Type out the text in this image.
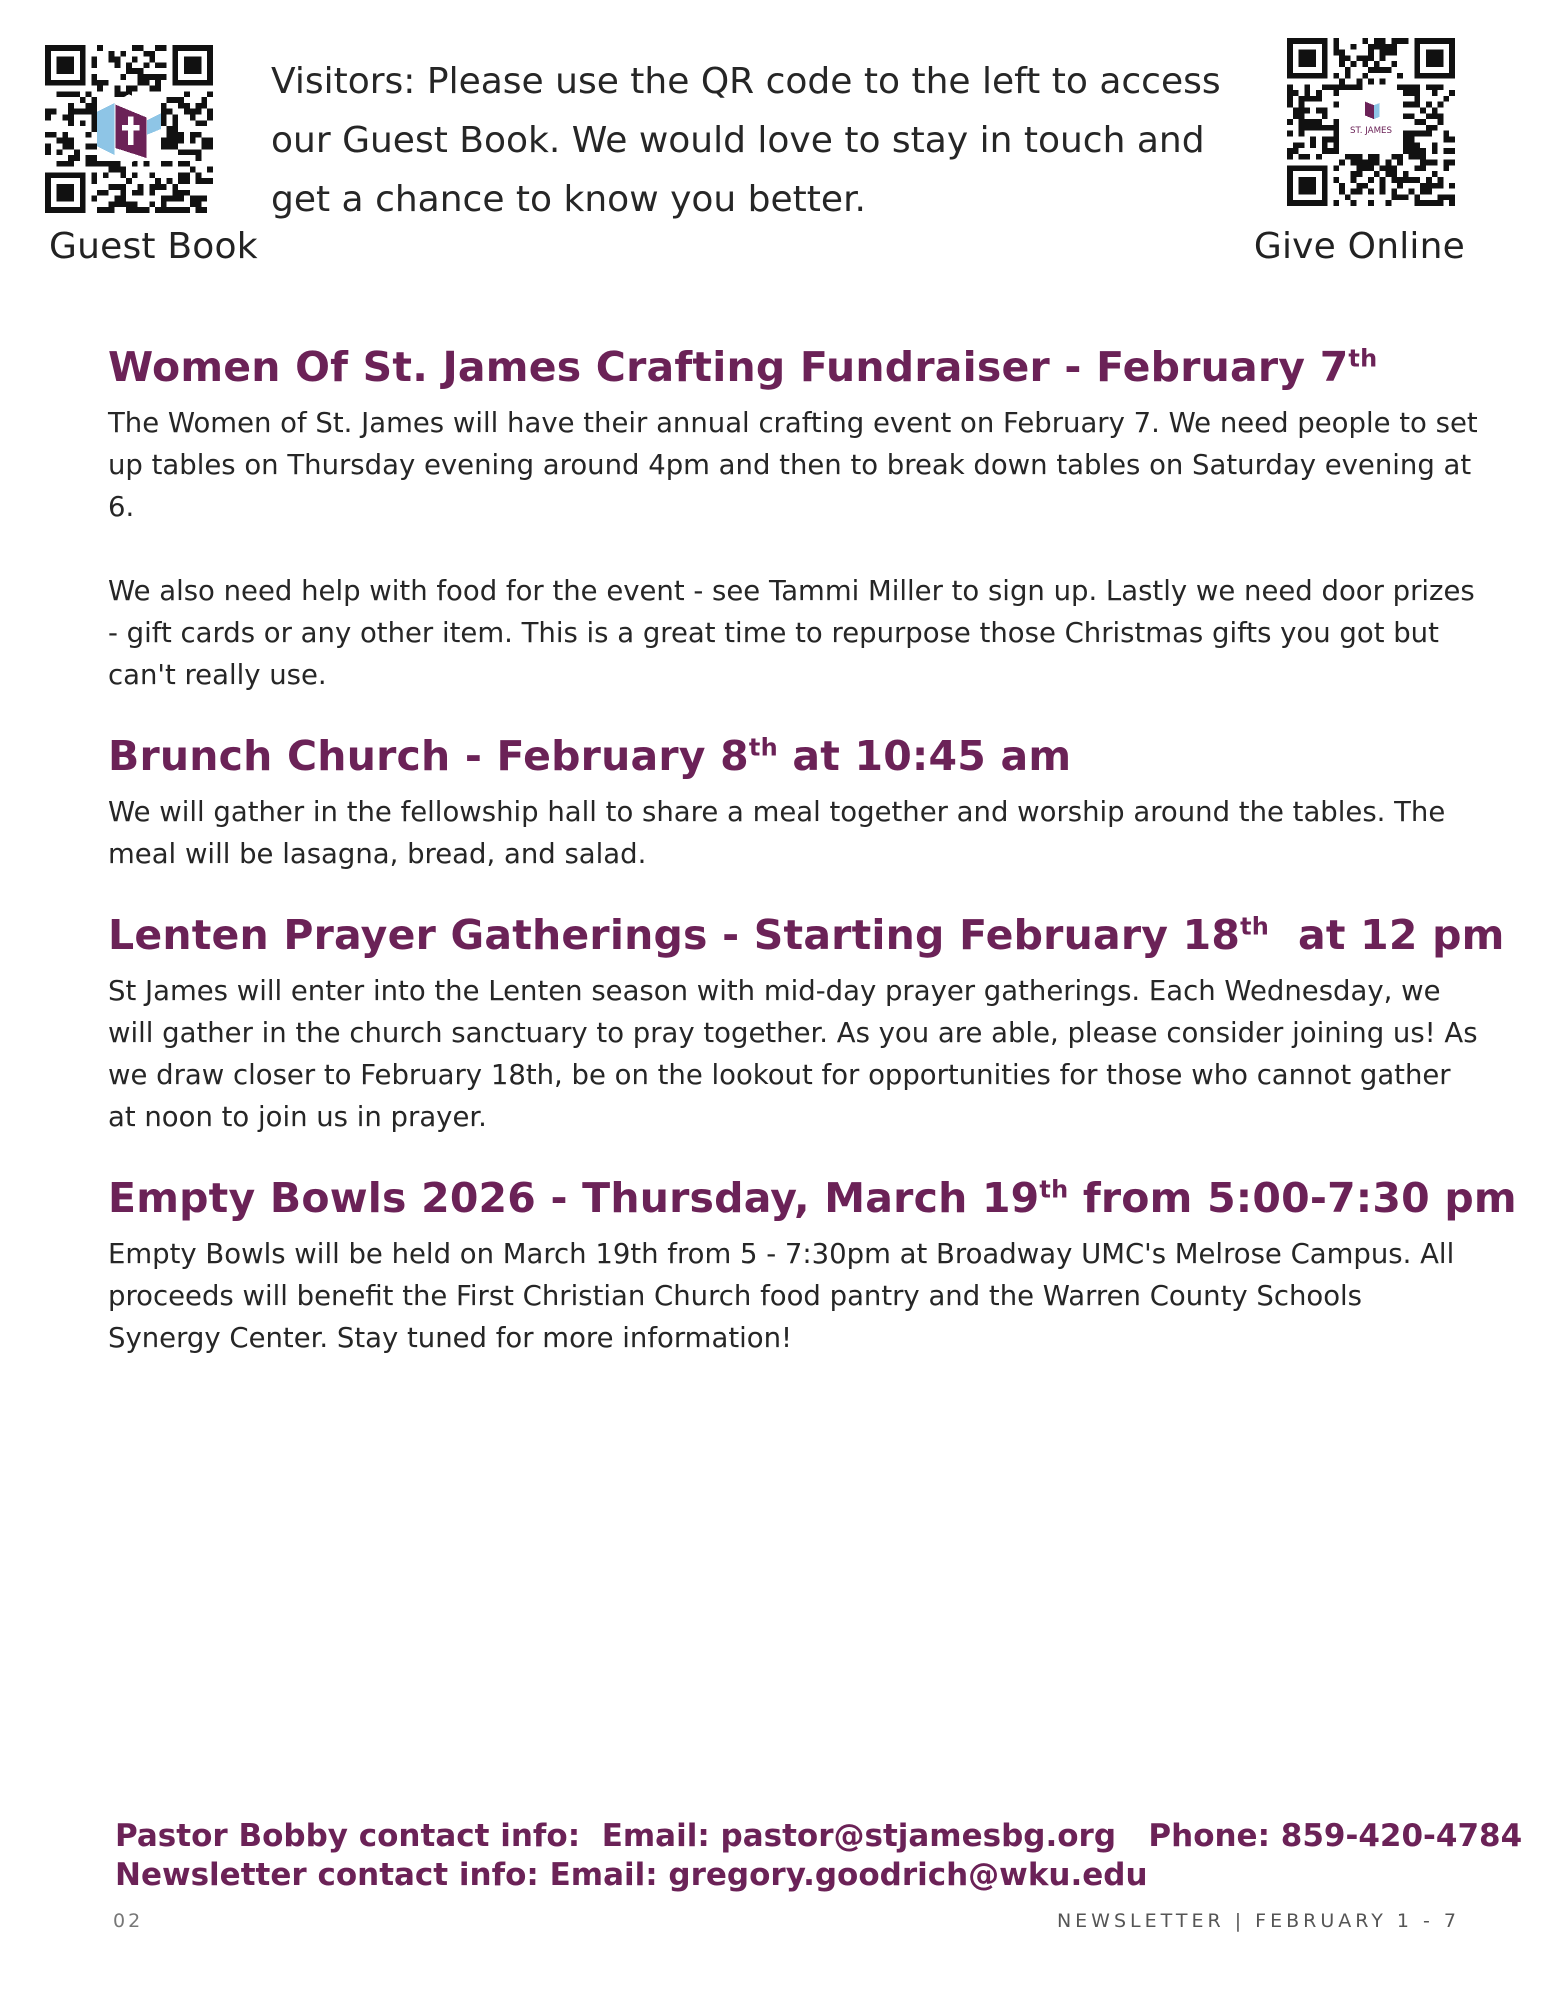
Guest Book
Visitors: Please use the QR code to the left to access our Guest Book. We would love to stay in touch and get a chance to know you better.
ST. JAMES
Give Online
Women Of St. James Crafting Fundraiser - February 7th

The Women of St. James will have their annual crafting event on February 7. We need people to set up tables on Thursday evening around 4pm and then to break down tables on Saturday evening at 6.

We also need help with food for the event - see Tammi Miller to sign up. Lastly we need door prizes - gift cards or any other item. This is a great time to repurpose those Christmas gifts you got but can't really use.

Brunch Church - February 8th at 10:45 am

We will gather in the fellowship hall to share a meal together and worship around the tables. The meal will be lasagna, bread, and salad.

Lenten Prayer Gatherings - Starting February 18th  at 12 pm

St James will enter into the Lenten season with mid-day prayer gatherings. Each Wednesday, we will gather in the church sanctuary to pray together. As you are able, please consider joining us! As we draw closer to February 18th, be on the lookout for opportunities for those who cannot gather at noon to join us in prayer.

Empty Bowls 2026 - Thursday, March 19th from 5:00-7:30 pm

Empty Bowls will be held on March 19th from 5 - 7:30pm at Broadway UMC's Melrose Campus. All proceeds will benefit the First Christian Church food pantry and the Warren County Schools Synergy Center. Stay tuned for more information!

Pastor Bobby contact info:  Email: pastor@stjamesbg.org   Phone: 859-420-4784
Newsletter contact info: Email: gregory.goodrich@wku.edu
02	NEWSLETTER | FEBRUARY 1 - 7
